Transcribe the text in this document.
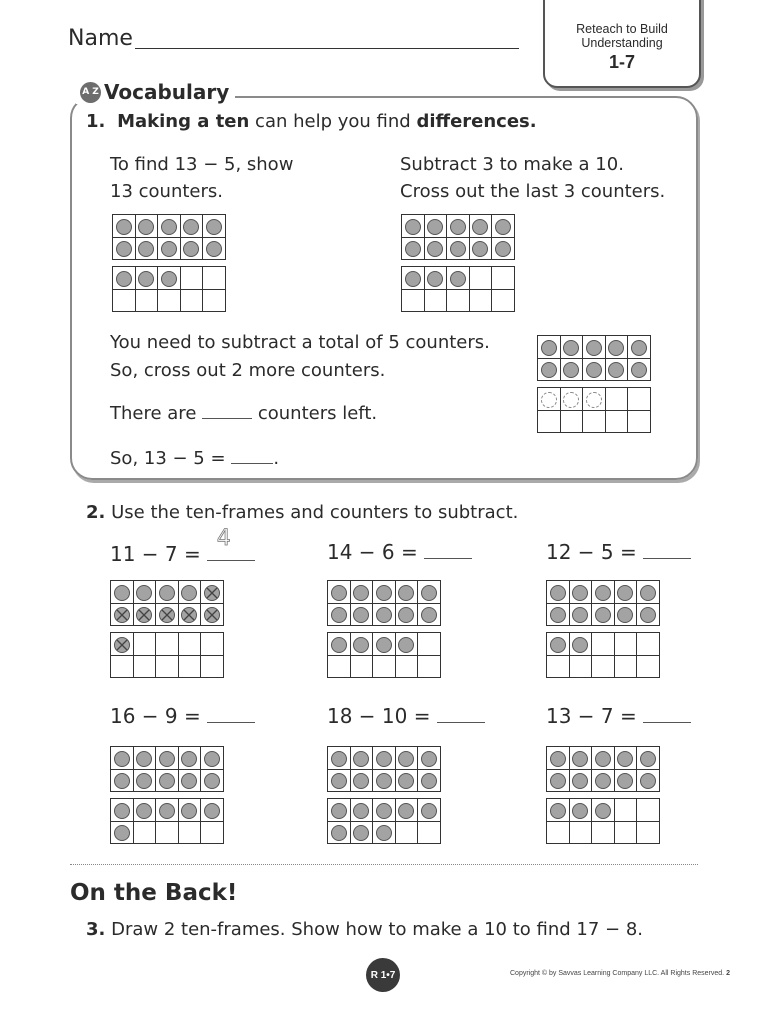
Name	Reteach to Build
Understanding
1-7
A Z Vocabulary
1. Making a ten can help you find differences.
To find 13 − 5, show
13 counters.
Subtract 3 to make a 10.
Cross out the last 3 counters.

You need to subtract a total of 5 counters.
So, cross out 2 more counters.
There are	counters left.
So, 13 − 5 =	.
2. Use the ten-frames and counters to subtract.
11 − 7 =
4

14 − 6 =

					12 − 5 =

16 − 9 =

					18 − 10 =

					13 − 7 =

On the Back!
3. Draw 2 ten-frames. Show how to make a 10 to find 17 − 8.
R 1•7	Copyright © by Savvas Learning Company LLC. All Rights Reserved. 2
